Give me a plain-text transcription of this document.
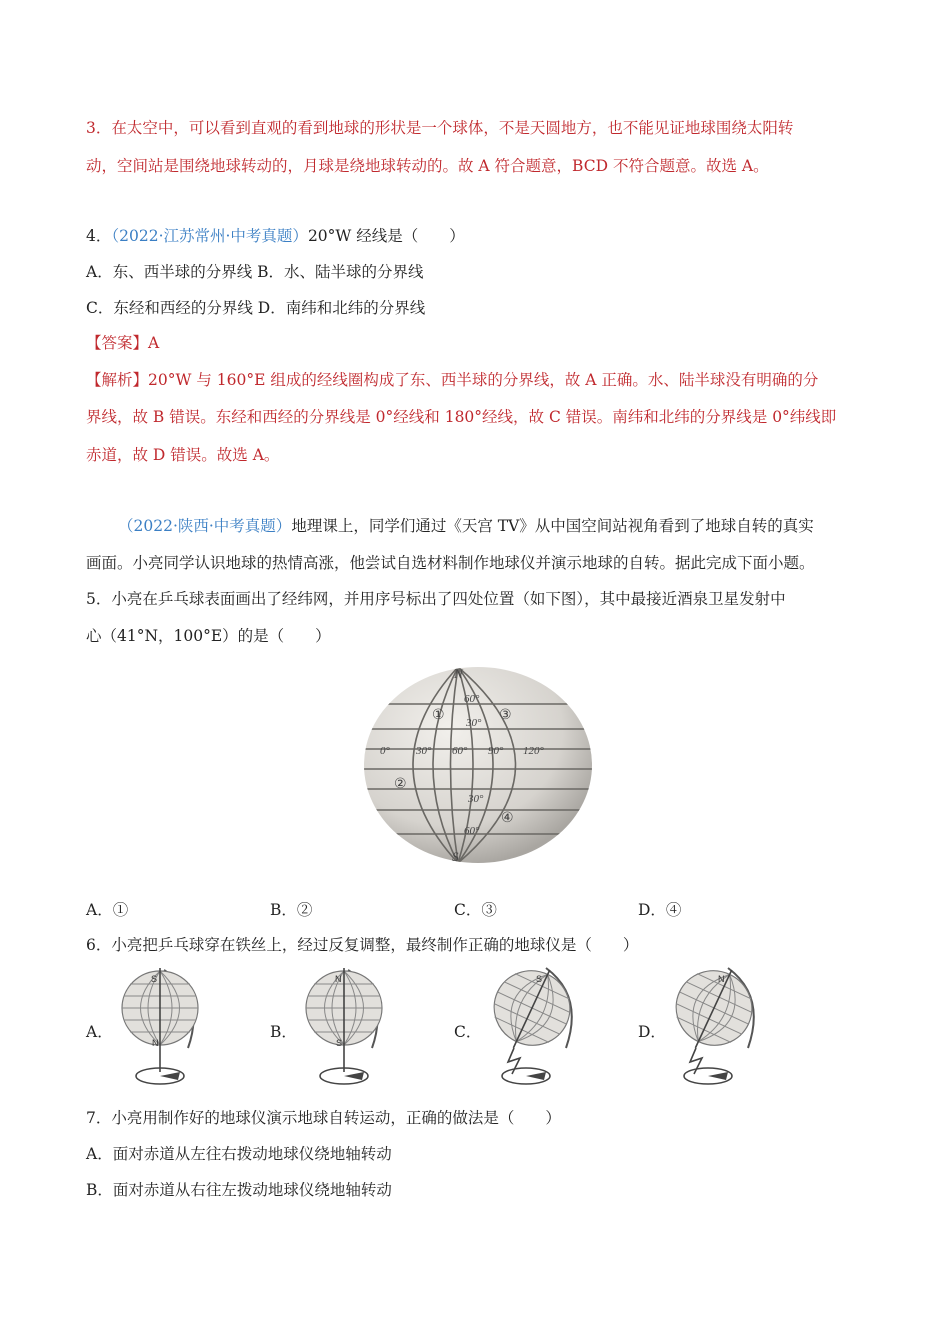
3．在太空中，可以看到直观的看到地球的形状是一个球体，不是天圆地方，也不能见证地球围绕太阳转
动，空间站是围绕地球转动的，月球是绕地球转动的。故 A 符合题意，BCD 不符合题意。故选 A。
4．（2022·江苏常州·中考真题）20°W 经线是（　　）
A．东、西半球的分界线 B．水、陆半球的分界线
C．东经和西经的分界线 D．南纬和北纬的分界线
【答案】A
【解析】20°W 与 160°E 组成的经线圈构成了东、西半球的分界线，故 A 正确。水、陆半球没有明确的分
界线，故 B 错误。东经和西经的分界线是 0°经线和 180°经线，故 C 错误。南纬和北纬的分界线是 0°纬线即
赤道，故 D 错误。故选 A。
（2022·陕西·中考真题）地理课上，同学们通过《天宫 TV》从中国空间站视角看到了地球自转的真实
画面。小亮同学认识地球的热情高涨，他尝试自选材料制作地球仪并演示地球的自转。据此完成下面小题。
5．小亮在乒乓球表面画出了经纬网，并用序号标出了四处位置（如下图），其中最接近酒泉卫星发射中
心（41°N，100°E）的是（　　）
N
S
0° 30° 60° 90° 120°
60°
30°
30°
60°
①
②
③
④
A．①	B．②	C．③	D．④
6．小亮把乒乓球穿在铁丝上，经过反复调整，最终制作正确的地球仪是（　　）
A．	B．	C．	D．
S
N
N
S
S	N
7．小亮用制作好的地球仪演示地球自转运动，正确的做法是（　　）
A．面对赤道从左往右拨动地球仪绕地轴转动
B．面对赤道从右往左拨动地球仪绕地轴转动
